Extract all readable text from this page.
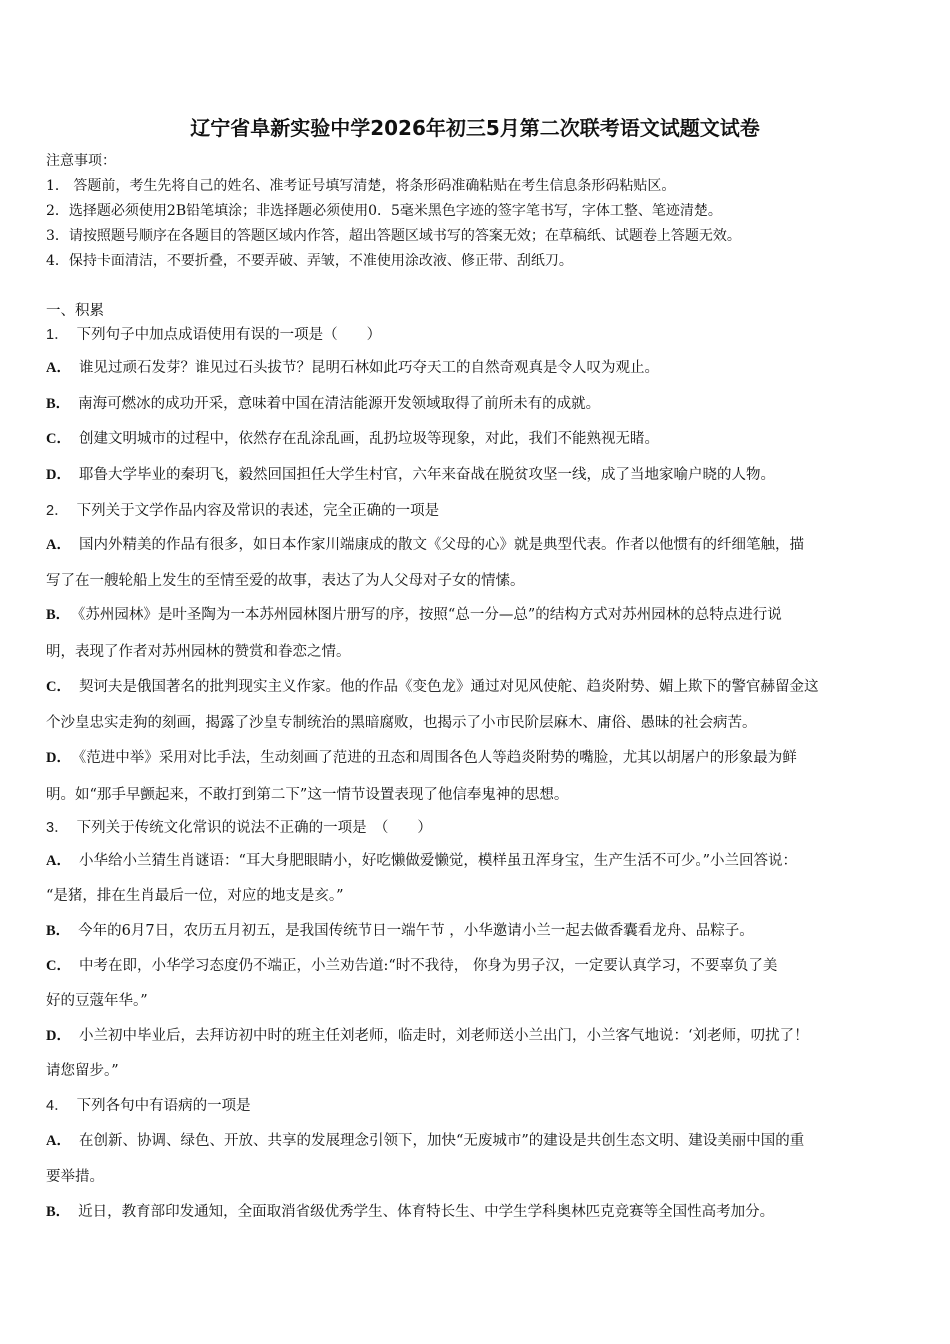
辽宁省阜新实验中学2026年初三5月第二次联考语文试题文试卷

注意事项：

1． 答题前，考生先将自己的姓名、准考证号填写清楚，将条形码准确粘贴在考生信息条形码粘贴区。

2．选择题必须使用2B铅笔填涂；非选择题必须使用0．5毫米黑色字迹的签字笔书写，字体工整、笔迹清楚。

3．请按照题号顺序在各题目的答题区域内作答，超出答题区域书写的答案无效；在草稿纸、试题卷上答题无效。

4．保持卡面清洁，不要折叠，不要弄破、弄皱，不准使用涂改液、修正带、刮纸刀。

一、积累

1． 下列句子中加点成语使用有误的一项是（　　）

A． 谁见过顽石发芽？谁见过石头拔节？昆明石林如此巧夺天工的自然奇观真是令人叹为观止。

B． 南海可燃冰的成功开采，意味着中国在清洁能源开发领域取得了前所未有的成就。

C． 创建文明城市的过程中，依然存在乱涂乱画，乱扔垃圾等现象，对此，我们不能熟视无睹。

D． 耶鲁大学毕业的秦玥飞，毅然回国担任大学生村官，六年来奋战在脱贫攻坚一线，成了当地家喻户晓的人物。

2． 下列关于文学作品内容及常识的表述，完全正确的一项是

A． 国内外精美的作品有很多，如日本作家川端康成的散文《父母的心》就是典型代表。作者以他惯有的纤细笔触，描

写了在一艘轮船上发生的至情至爱的故事，表达了为人父母对子女的情愫。

B． 《苏州园林》是叶圣陶为一本苏州园林图片册写的序，按照“总一分—总”的结构方式对苏州园林的总特点进行说

明，表现了作者对苏州园林的赞赏和眷恋之情。

C． 契诃夫是俄国著名的批判现实主义作家。他的作品《变色龙》通过对见风使舵、趋炎附势、媚上欺下的警官赫留金这

个沙皇忠实走狗的刻画，揭露了沙皇专制统治的黑暗腐败，也揭示了小市民阶层麻木、庸俗、愚昧的社会病苦。

D． 《范进中举》采用对比手法，生动刻画了范进的丑态和周围各色人等趋炎附势的嘴脸，尤其以胡屠户的形象最为鲜

明。如“那手早颤起来，不敢打到第二下”这一情节设置表现了他信奉鬼神的思想。

3． 下列关于传统文化常识的说法不正确的一项是　（　　）

A． 小华给小兰猜生肖谜语：“耳大身肥眼睛小，好吃懒做爱懒觉，模样虽丑浑身宝，生产生活不可少。”小兰回答说：

“是猪，排在生肖最后一位，对应的地支是亥。”

B． 今年的6月7日，农历五月初五，是我国传统节日一端午节 ，小华邀请小兰一起去做香囊看龙舟、品粽子。

C． 中考在即，小华学习态度仍不端正，小兰劝告道:“时不我待， 你身为男子汉，一定要认真学习，不要辜负了美

好的豆蔻年华。”

D． 小兰初中毕业后，去拜访初中时的班主任刘老师，临走时，刘老师送小兰出门，小兰客气地说：‘刘老师，叨扰了！

请您留步。”

4． 下列各句中有语病的一项是

A． 在创新、协调、绿色、开放、共享的发展理念引领下，加快“无废城市”的建设是共创生态文明、建设美丽中国的重

要举措。

B． 近日，教育部印发通知，全面取消省级优秀学生、体育特长生、中学生学科奥林匹克竞赛等全国性高考加分。
